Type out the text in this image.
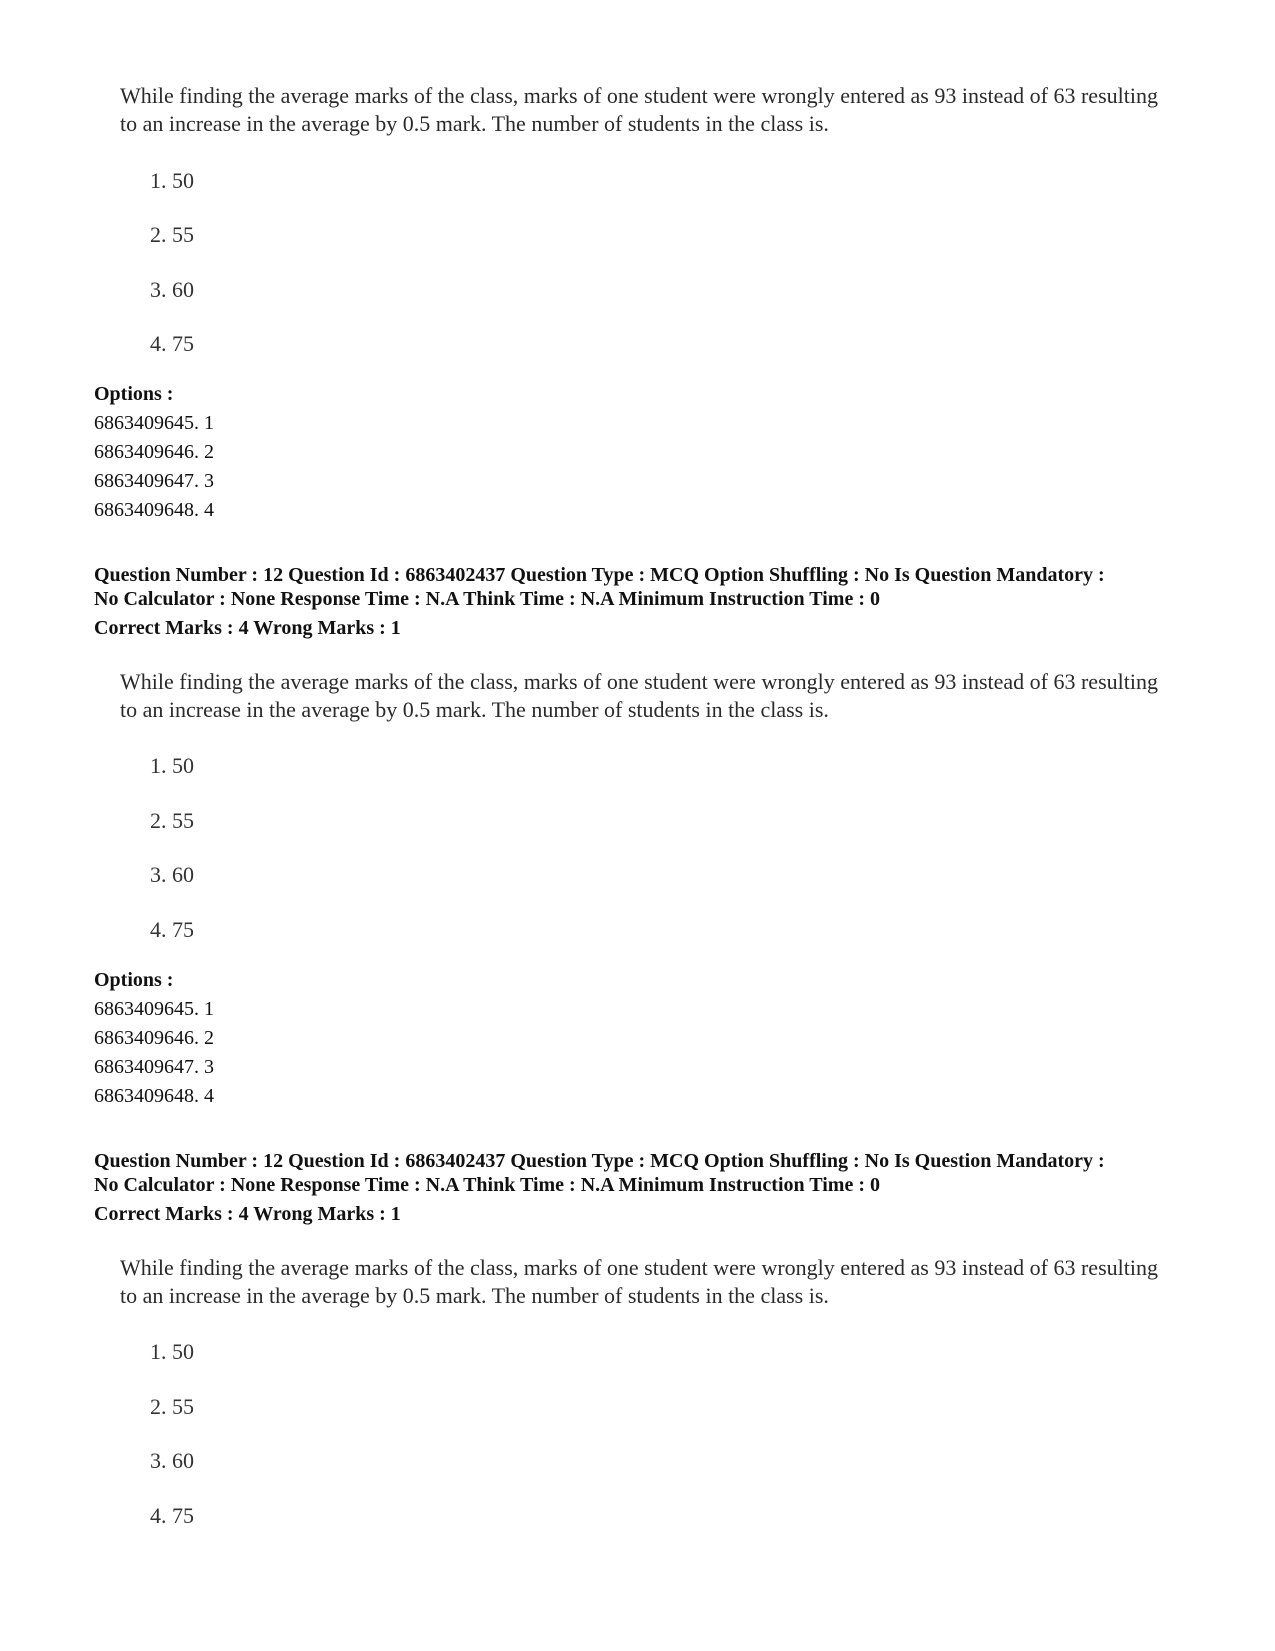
While finding the average marks of the class, marks of one student were wrongly entered as 93 instead of 63 resulting to an increase in the average by 0.5 mark. The number of students in the class is.

1. 50

2. 55

3. 60

4. 75

Options :

6863409645. 1

6863409646. 2

6863409647. 3

6863409648. 4

Question Number : 12 Question Id : 6863402437 Question Type : MCQ Option Shuffling : No Is Question Mandatory :

No Calculator : None Response Time : N.A Think Time : N.A Minimum Instruction Time : 0

Correct Marks : 4 Wrong Marks : 1

While finding the average marks of the class, marks of one student were wrongly entered as 93 instead of 63 resulting to an increase in the average by 0.5 mark. The number of students in the class is.

1. 50

2. 55

3. 60

4. 75

Options :

6863409645. 1

6863409646. 2

6863409647. 3

6863409648. 4

Question Number : 12 Question Id : 6863402437 Question Type : MCQ Option Shuffling : No Is Question Mandatory :

No Calculator : None Response Time : N.A Think Time : N.A Minimum Instruction Time : 0

Correct Marks : 4 Wrong Marks : 1

While finding the average marks of the class, marks of one student were wrongly entered as 93 instead of 63 resulting to an increase in the average by 0.5 mark. The number of students in the class is.

1. 50

2. 55

3. 60

4. 75
